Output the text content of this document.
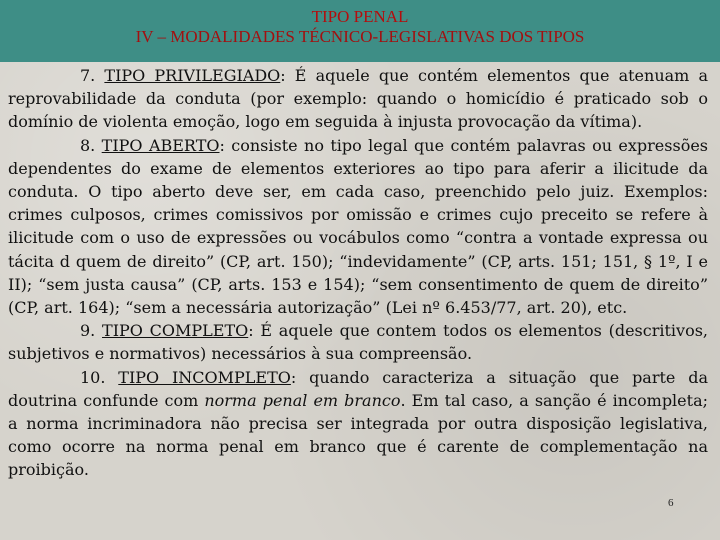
TIPO PENAL
IV – MODALIDADES TÉCNICO-LEGISLATIVAS DOS TIPOS

7. TIPO PRIVILEGIADO: É aquele que contém elementos que atenuam a reprovabilidade da conduta (por exemplo: quando o homicídio é praticado sob o domínio de violenta emoção, logo em seguida à injusta provocação da vítima).

8. TIPO ABERTO: consiste no tipo legal que contém palavras ou expressões dependentes do exame de elementos exteriores ao tipo para aferir a ilicitude da conduta. O tipo aberto deve ser, em cada caso, preenchido pelo juiz. Exemplos: crimes culposos, crimes comissivos por omissão e crimes cujo preceito se refere à ilicitude com o uso de expressões ou vocábulos como “contra a vontade expressa ou tácita d quem de direito” (CP, art. 150); “indevidamente” (CP, arts. 151; 151, § 1º, I e II); “sem justa causa” (CP, arts. 153 e 154); “sem consentimento de quem de direito” (CP, art. 164); “sem a necessária autorização” (Lei nº 6.453/77, art. 20), etc.

9. TIPO COMPLETO: É aquele que contem todos os elementos (descritivos, subjetivos e normativos) necessários à sua compreensão.

10. TIPO INCOMPLETO: quando caracteriza a situação que parte da doutrina confunde com norma penal em branco. Em tal caso, a sanção é incompleta; a norma incriminadora não precisa ser integrada por outra disposição legislativa, como ocorre na norma penal em branco que é carente de complementação na proibição.

6
